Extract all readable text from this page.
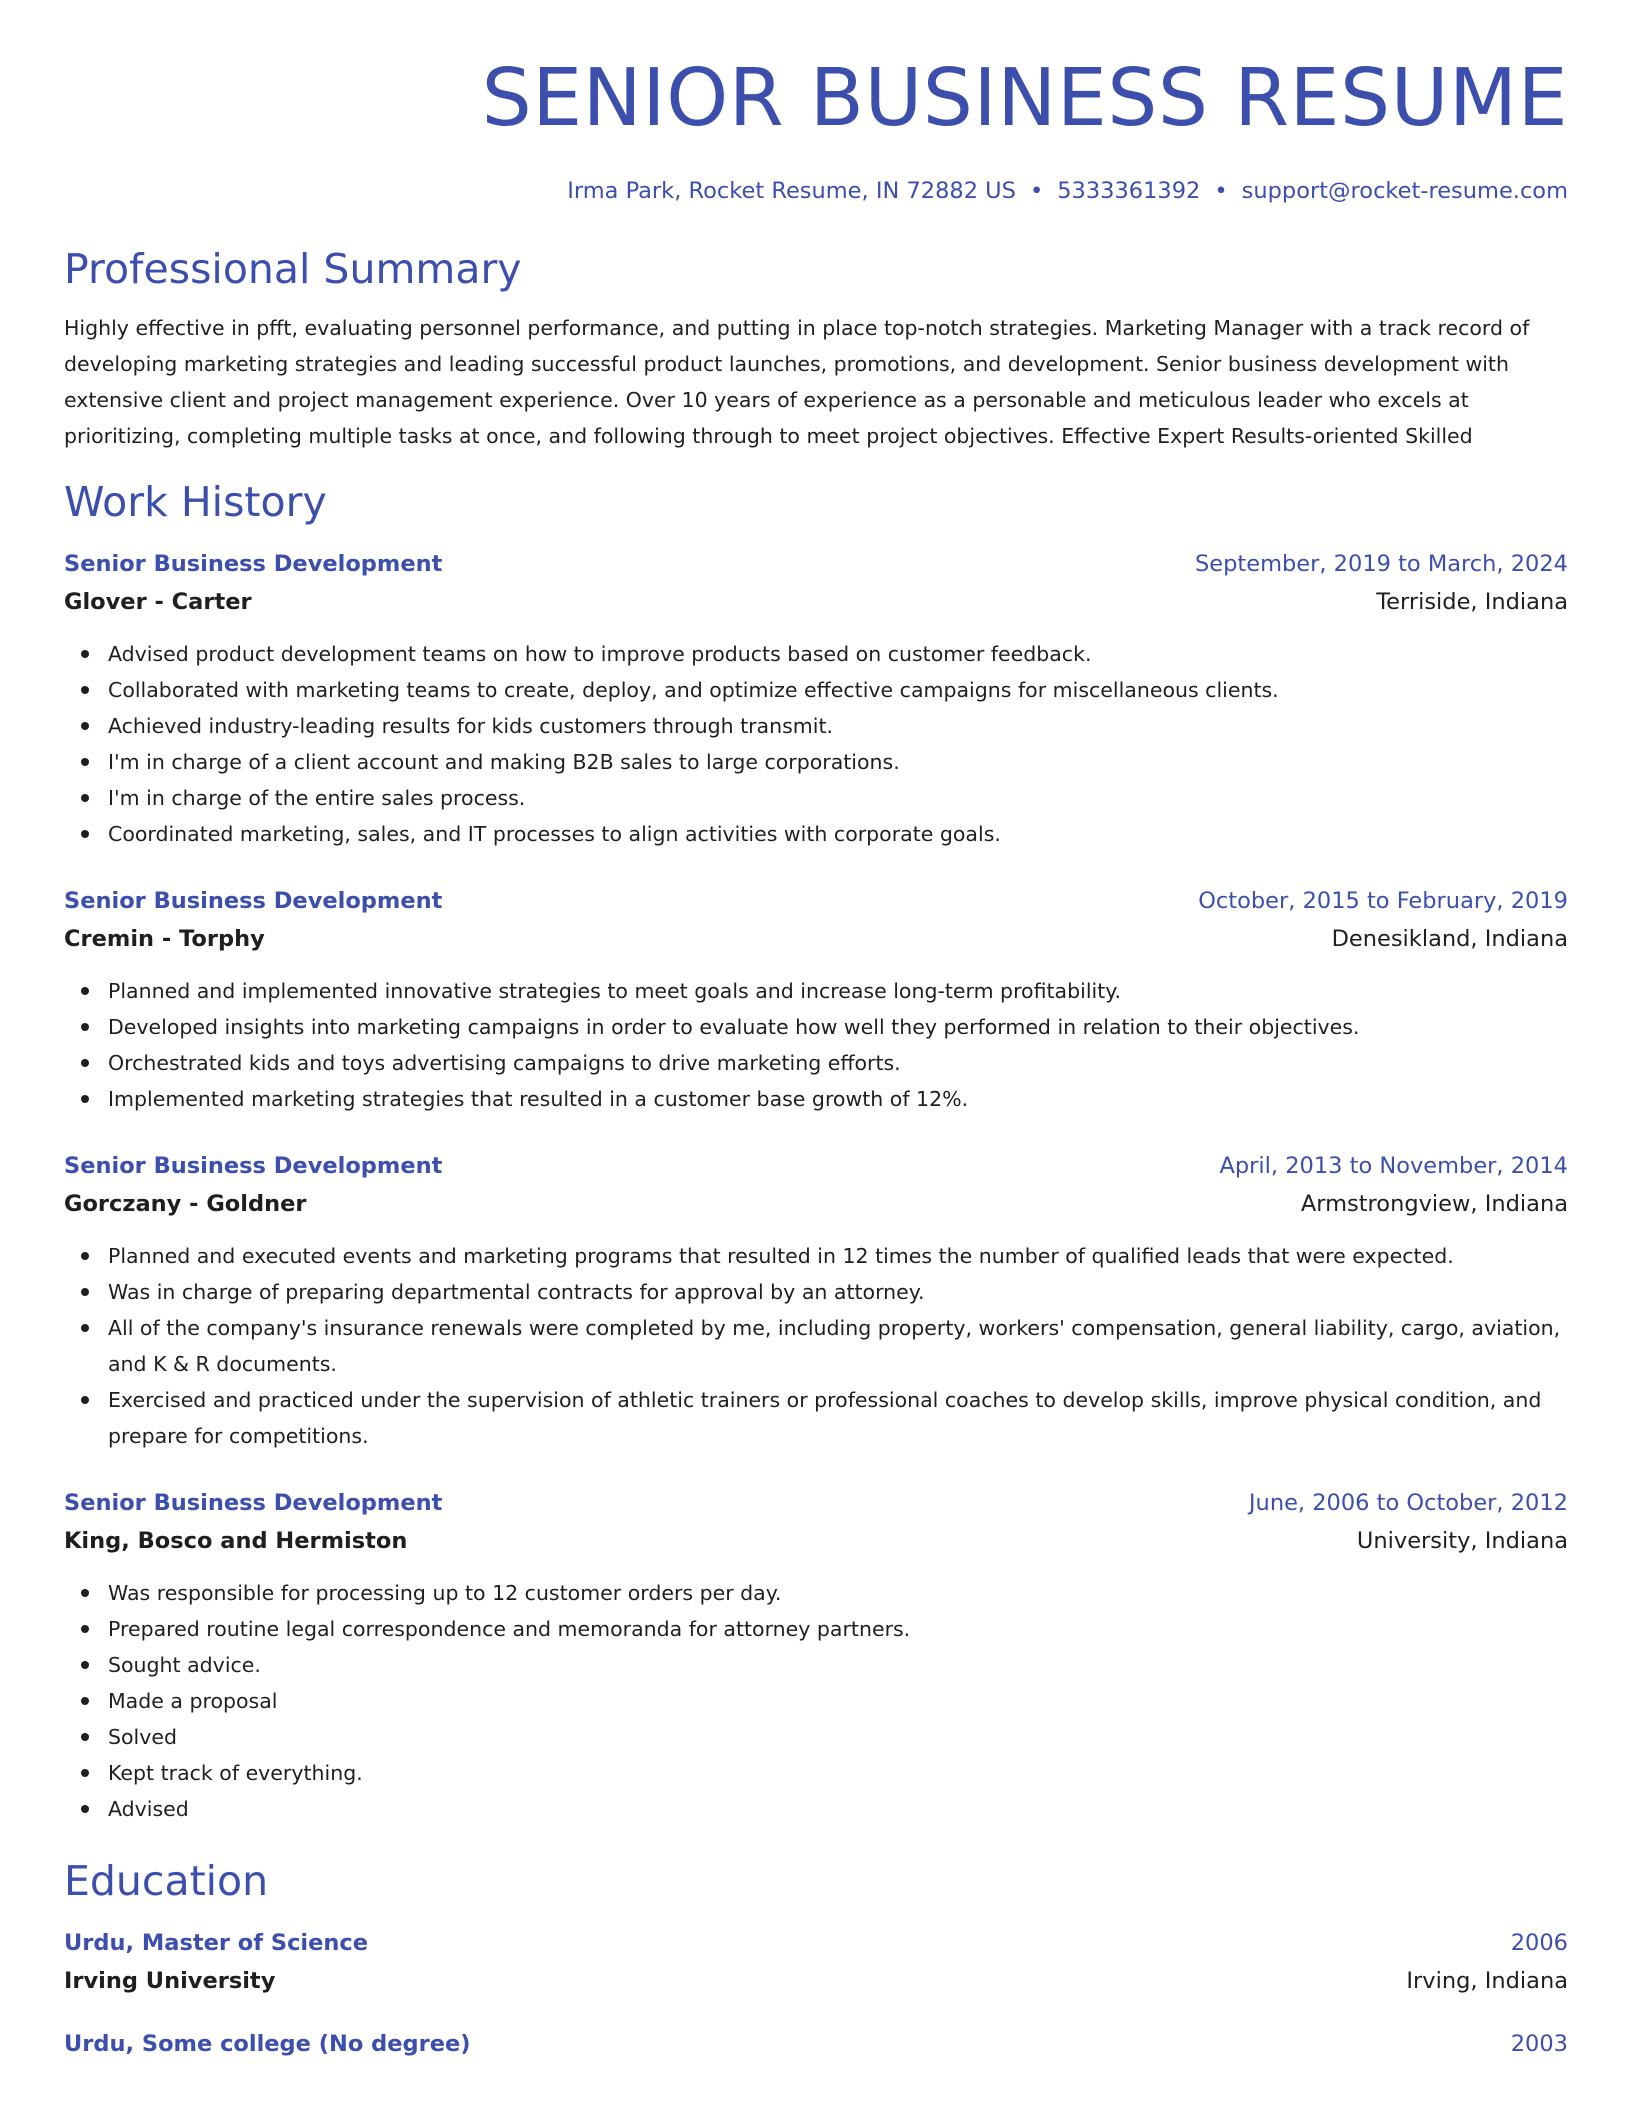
SENIOR BUSINESS RESUME
Irma Park, Rocket Resume, IN 72882 US • 5333361392 • support@rocket-resume.com
Professional Summary
Highly effective in pfft, evaluating personnel performance, and putting in place top-notch strategies. Marketing Manager with a track record of developing marketing strategies and leading successful product launches, promotions, and development. Senior business development with extensive client and project management experience. Over 10 years of experience as a personable and meticulous leader who excels at prioritizing, completing multiple tasks at once, and following through to meet project objectives. Effective Expert Results-oriented Skilled
Work History
Senior Business Development	September, 2019 to March, 2024
Glover - Carter	Terriside, Indiana
Advised product development teams on how to improve products based on customer feedback.
Collaborated with marketing teams to create, deploy, and optimize effective campaigns for miscellaneous clients.
Achieved industry-leading results for kids customers through transmit.
I'm in charge of a client account and making B2B sales to large corporations.
I'm in charge of the entire sales process.
Coordinated marketing, sales, and IT processes to align activities with corporate goals.
Senior Business Development	October, 2015 to February, 2019
Cremin - Torphy	Denesikland, Indiana
Planned and implemented innovative strategies to meet goals and increase long-term profitability.
Developed insights into marketing campaigns in order to evaluate how well they performed in relation to their objectives.
Orchestrated kids and toys advertising campaigns to drive marketing efforts.
Implemented marketing strategies that resulted in a customer base growth of 12%.
Senior Business Development	April, 2013 to November, 2014
Gorczany - Goldner	Armstrongview, Indiana
Planned and executed events and marketing programs that resulted in 12 times the number of qualified leads that were expected.
Was in charge of preparing departmental contracts for approval by an attorney.
All of the company's insurance renewals were completed by me, including property, workers' compensation, general liability, cargo, aviation, and K & R documents.
Exercised and practiced under the supervision of athletic trainers or professional coaches to develop skills, improve physical condition, and prepare for competitions.
Senior Business Development	June, 2006 to October, 2012
King, Bosco and Hermiston	University, Indiana
Was responsible for processing up to 12 customer orders per day.
Prepared routine legal correspondence and memoranda for attorney partners.
Sought advice.
Made a proposal
Solved
Kept track of everything.
Advised
Education
Urdu, Master of Science	2006
Irving University	Irving, Indiana
Urdu, Some college (No degree)	2003
